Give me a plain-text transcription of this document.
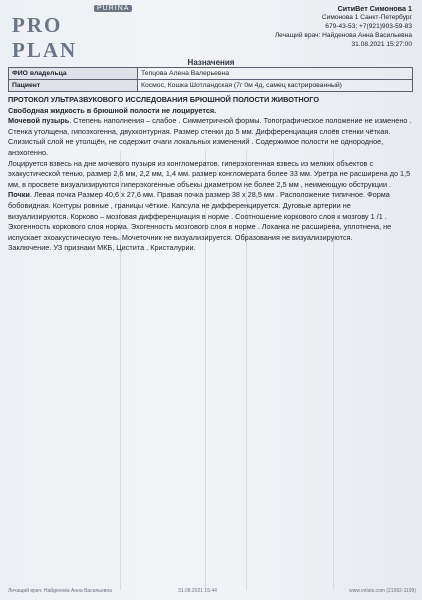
PURINA
PRO PLAN
СитиВет Симонова 1
Симонова 1 Санкт-Петербург
679-43-53; +7(921)903-59-83
Лечащий врач: Найденова Анна Васильевна
31.08.2021 15:27:00
Назначения
ФИО владельца	Тепцова Алена Валерьевна
Пациент	Космос, Кошка Шотландская (7г 0м 4д, самец кастрированный)

ПРОТОКОЛ УЛЬТРАЗВУКОВОГО ИССЛЕДОВАНИЯ БРЮШНОЙ ПОЛОСТИ ЖИВОТНОГО

Свободная жидкость в брюшной полости не лоцируется.

Мочевой пузырь. Степень наполнения – слабое . Симметричной формы. Топографическое положение не изменено . Стенка утолщена, гипоэхогенна, двухконтурная. Размер стенки до 5 мм. Дифференциация слоёв стенки чёткая. Слизистый слой не утолщён, не содержит очаги локальных изменений . Содержимое полости не однородное, анэхогенно.

Лоцируется взвесь на дне мочевого пузыря из конгломератов. гиперэхогенная взвесь из мелких объектов с эхакустической тенью, размер 2,6 мм, 2,2 мм, 1,4 мм. размер конгломерата более 33 мм. Уретра не расширена до 1,5 мм, в просвете визуализируются гиперэхогенные объекы диаметром не более 2,5 мм , неимеющую обструкции .

Почки. Левая почка Размер 40,6 х 27,6 мм. Правая почка размер 38 х 28,5 мм . Расположение типичное. Форма бобовидная. Контуры ровные , границы чёткие. Капсула не дифференцируется. Дуговые артерии не визуализируются. Корково – мозговая дифференциация в норме . Соотношение коркового слоя к мозгову 1 /1 . Эхогенность коркового слоя норма. Эхогенность мозгового слоя в норме . Лоханка не расширена, уплотнена, не испускает эхоакустическую тень. Мочеточник не визуализируется. Образования не визуализируются.

Заключение. УЗ признаки МКБ, Цистита , Кристалурии.

Лечащий врач: Найденова Анна Васильевна	31.08.2021 15:44	www.vetais.com (21992-1199)
